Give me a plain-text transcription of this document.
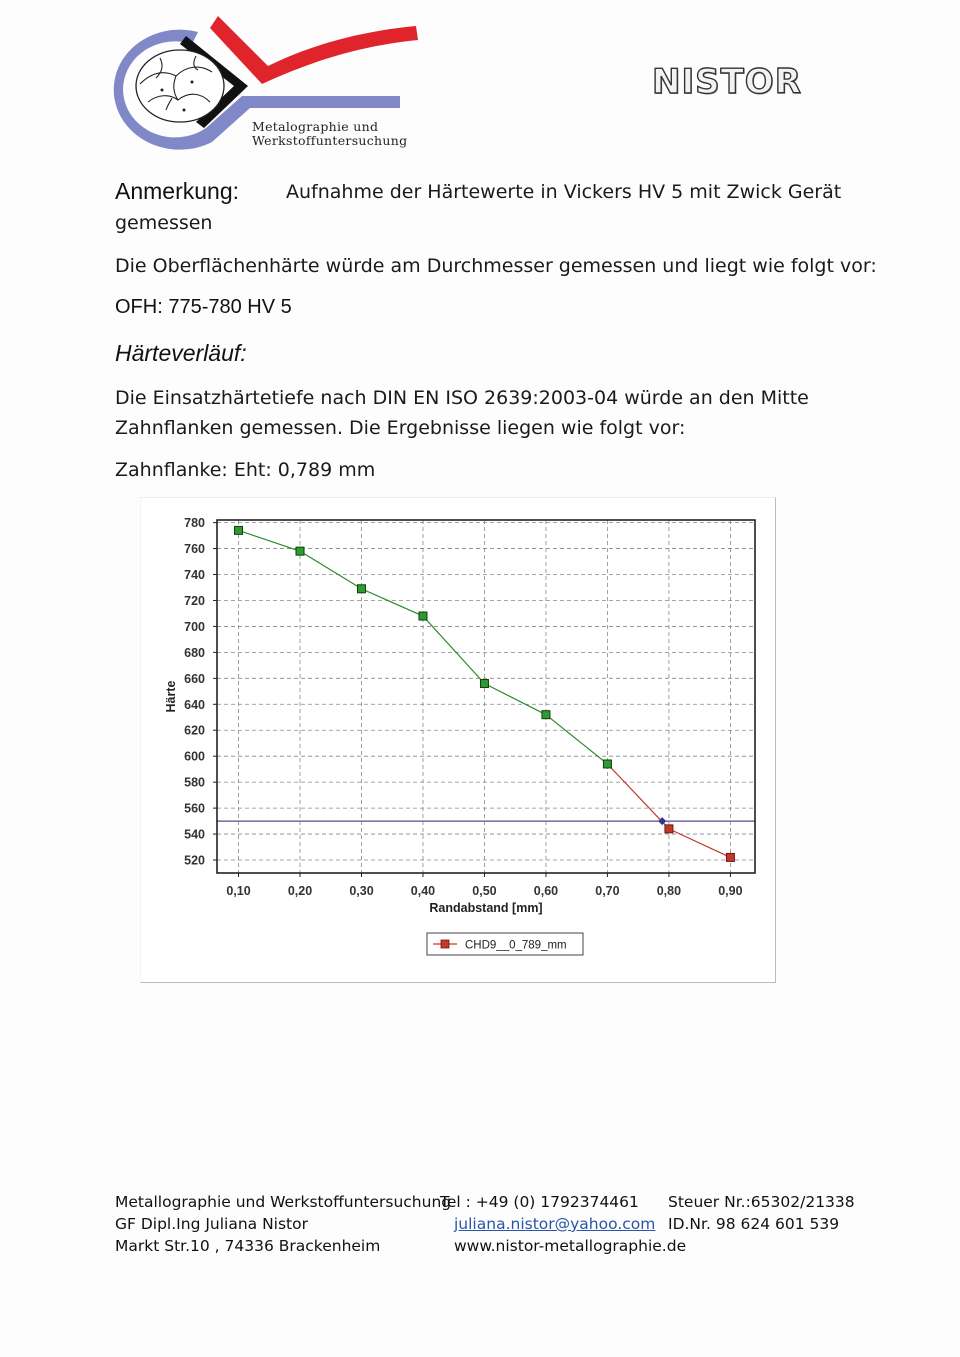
Metalographie und
Werkstoffuntersuchung
NISTOR
Anmerkung: Aufnahme der Härtewerte in Vickers HV 5 mit Zwick Gerät
gemessen
Die Oberflächenhärte würde am Durchmesser gemessen und liegt wie folgt vor:
OFH: 775-780 HV 5
Härteverläuf:
Die Einsatzhärtetiefe nach DIN EN ISO 2639:2003-04 würde an den Mitte
Zahnflanken gemessen. Die Ergebnisse liegen wie folgt vor:
Zahnflanke: Eht: 0,789 mm
520
540
560
580
600
620
640
660
680
700
720
740
760
780
0,10	0,20	0,30	0,40	0,50	0,60	0,70	0,80	0,90
Randabstand [mm]
Härte
CHD9__0_789_mm
Metallographie und Werkstoffuntersuchung
GF Dipl.Ing Juliana Nistor
Markt Str.10 , 74336 Brackenheim
Tel : +49 (0) 1792374461
juliana.nistor@yahoo.com
www.nistor-metallographie.de
Steuer Nr.:65302/21338
ID.Nr. 98 624 601 539
